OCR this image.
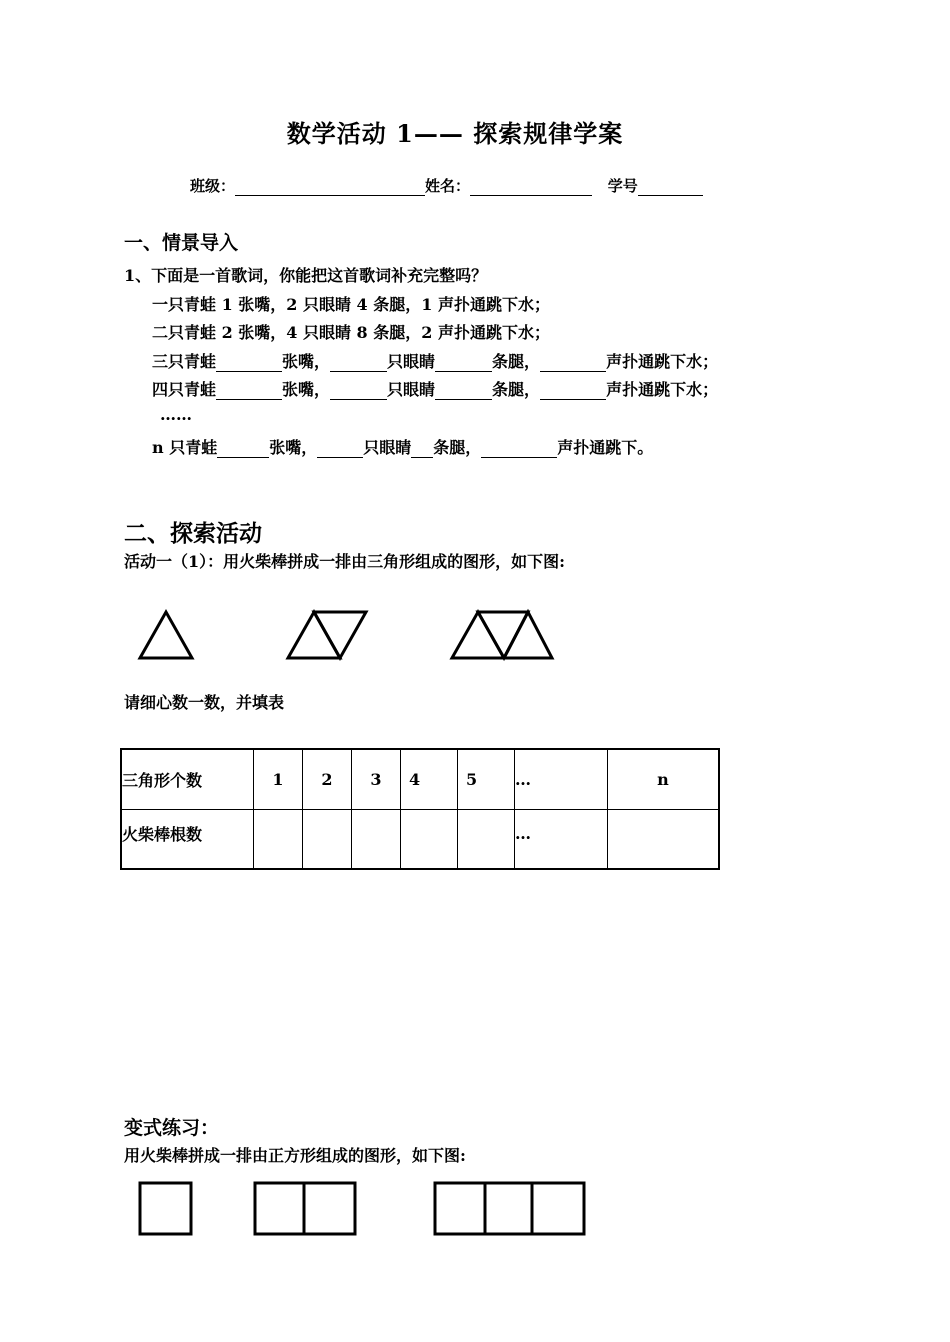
数学活动 1—— 探索规律学案
班级：	姓名：	学号
一、情景导入
1、下面是一首歌词，你能把这首歌词补充完整吗？
一只青蛙 1 张嘴，2 只眼睛 4 条腿，1 声扑通跳下水；
二只青蛙 2 张嘴，4 只眼睛 8 条腿，2 声扑通跳下水；
三只青蛙	张嘴，	只眼睛	条腿，	声扑通跳下水；
四只青蛙	张嘴，	只眼睛	条腿，	声扑通跳下水；
……
n 只青蛙	张嘴，	只眼睛 条腿，	声扑通跳下。
二、探索活动
活动一（1）：用火柴棒拼成一排由三角形组成的图形，如下图:
请细心数一数，并填表
三角形个数	1	2	3	4	5	…	n
火柴棒根数						…	
变式练习：
用火柴棒拼成一排由正方形组成的图形，如下图:
